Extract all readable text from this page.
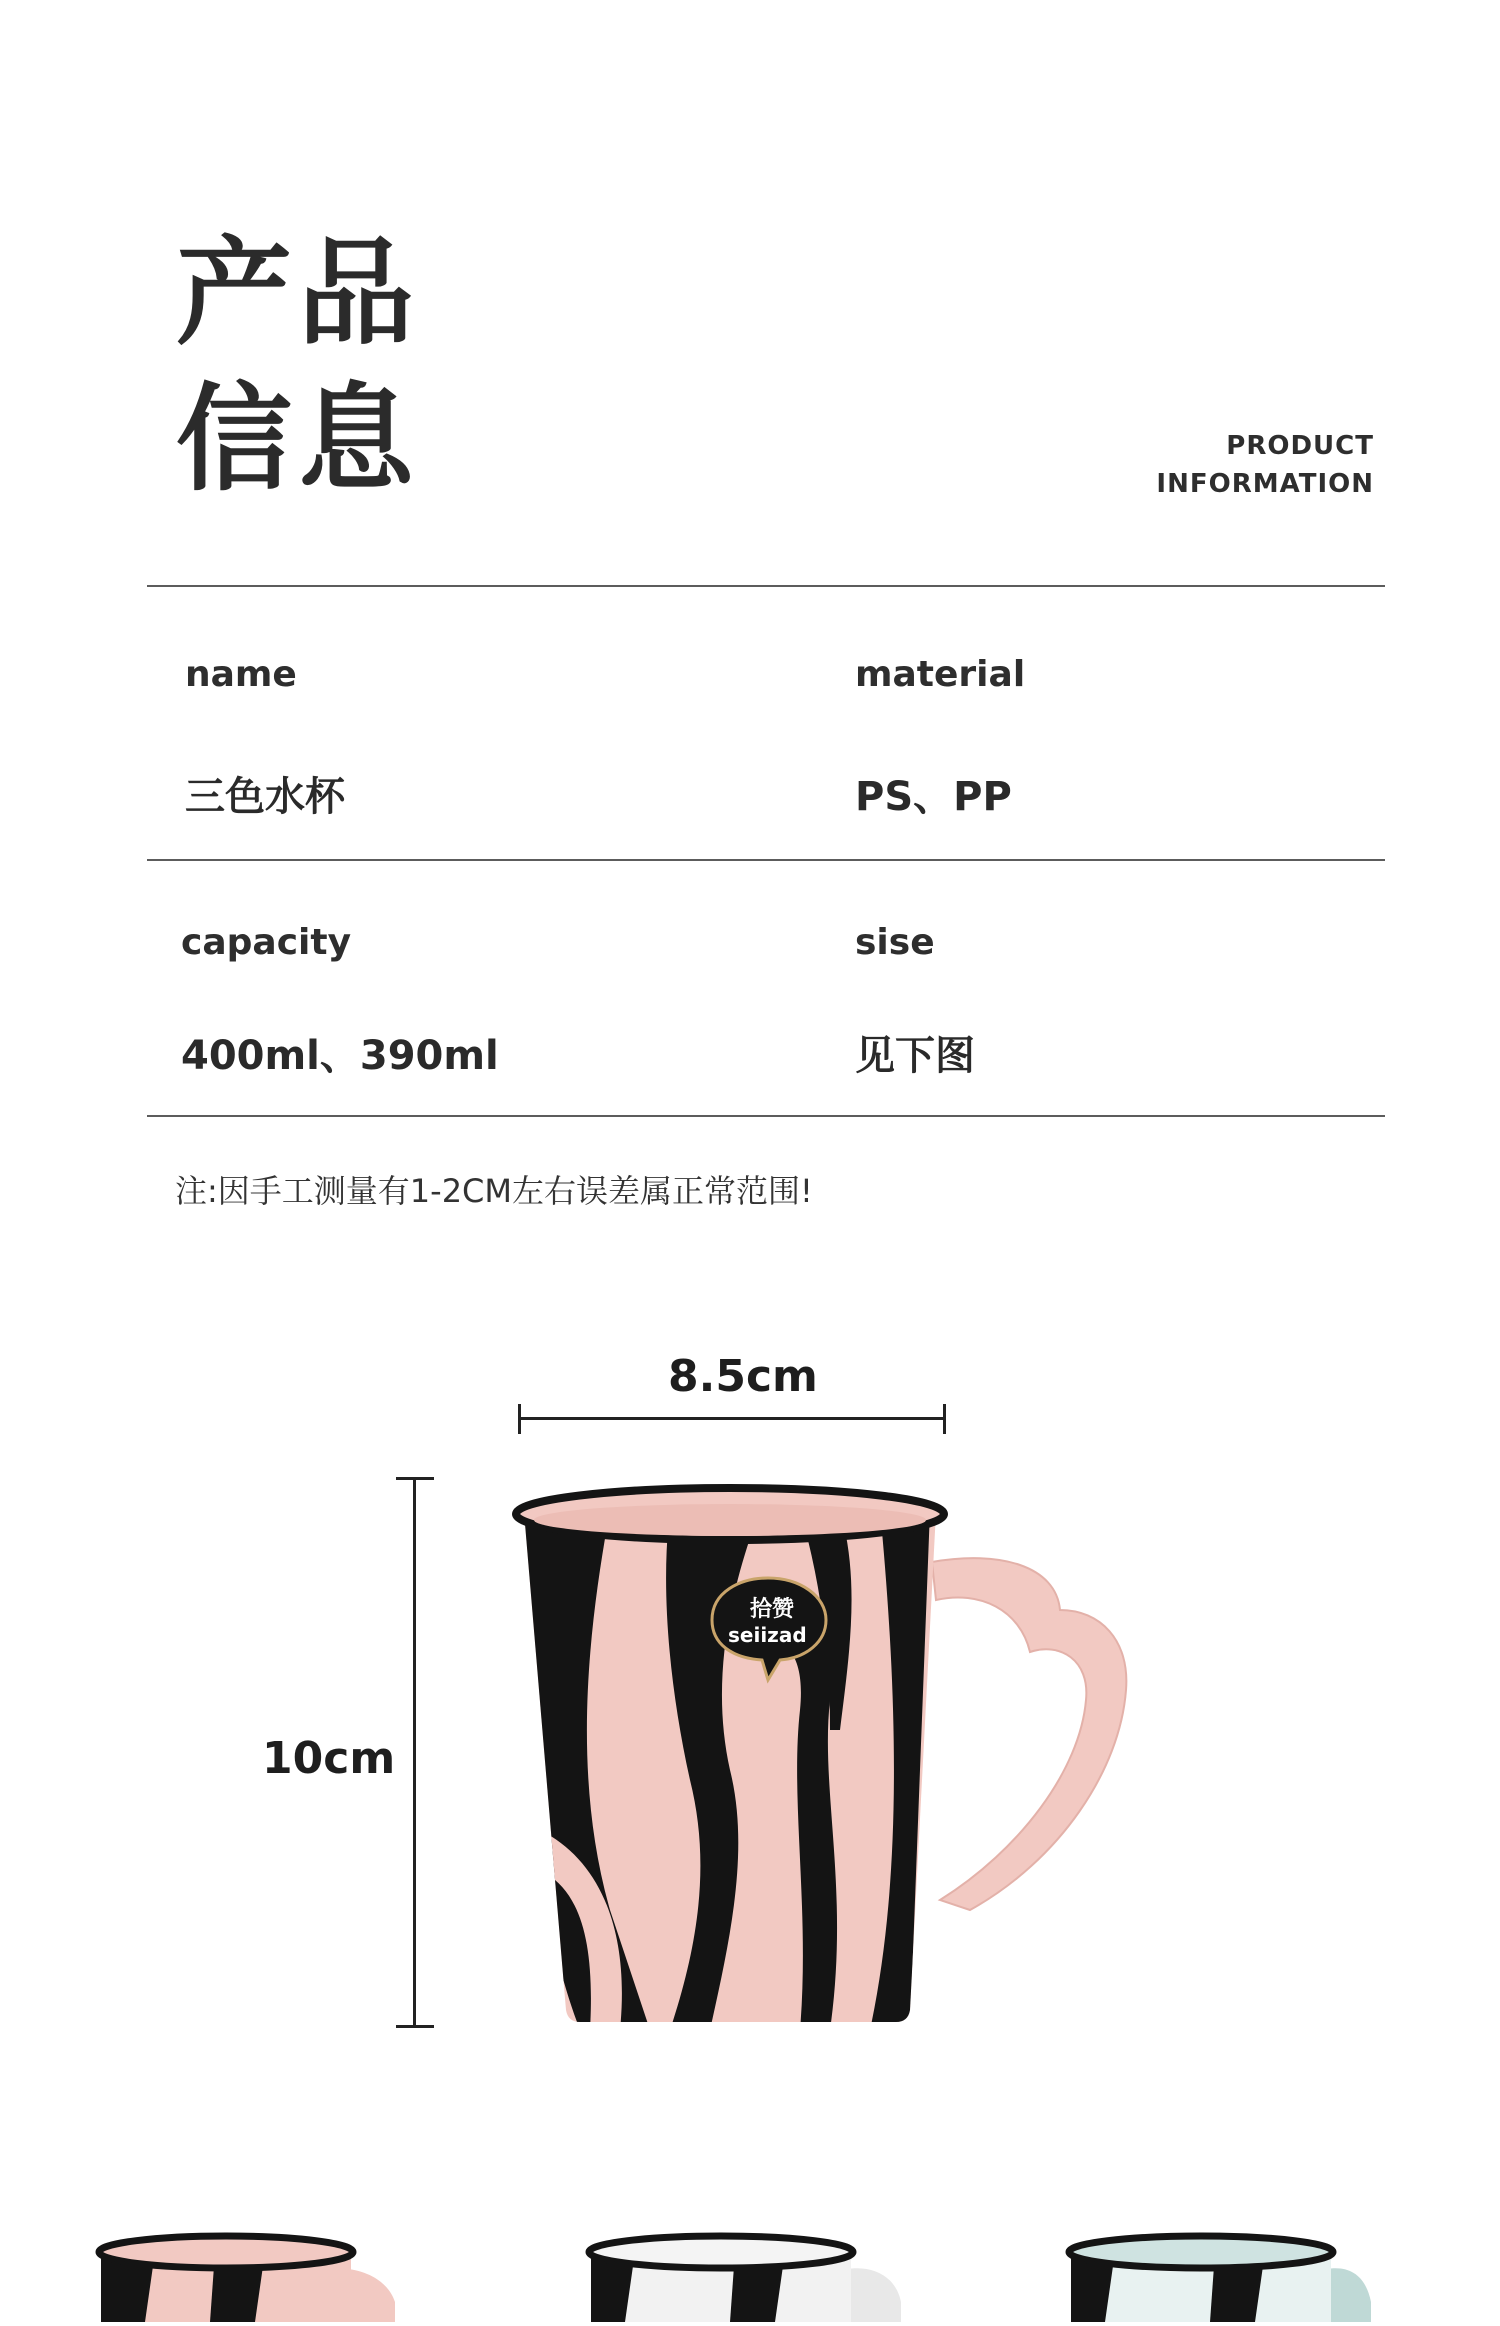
产品
信息	PRODUCT
INFORMATION
name	material
三色水杯	PS、PP
capacity	sise
400ml、390ml	见下图
注:因手工测量有1-2CM左右误差属正常范围!
8.5cm
10cm
拾赞
seiizad
